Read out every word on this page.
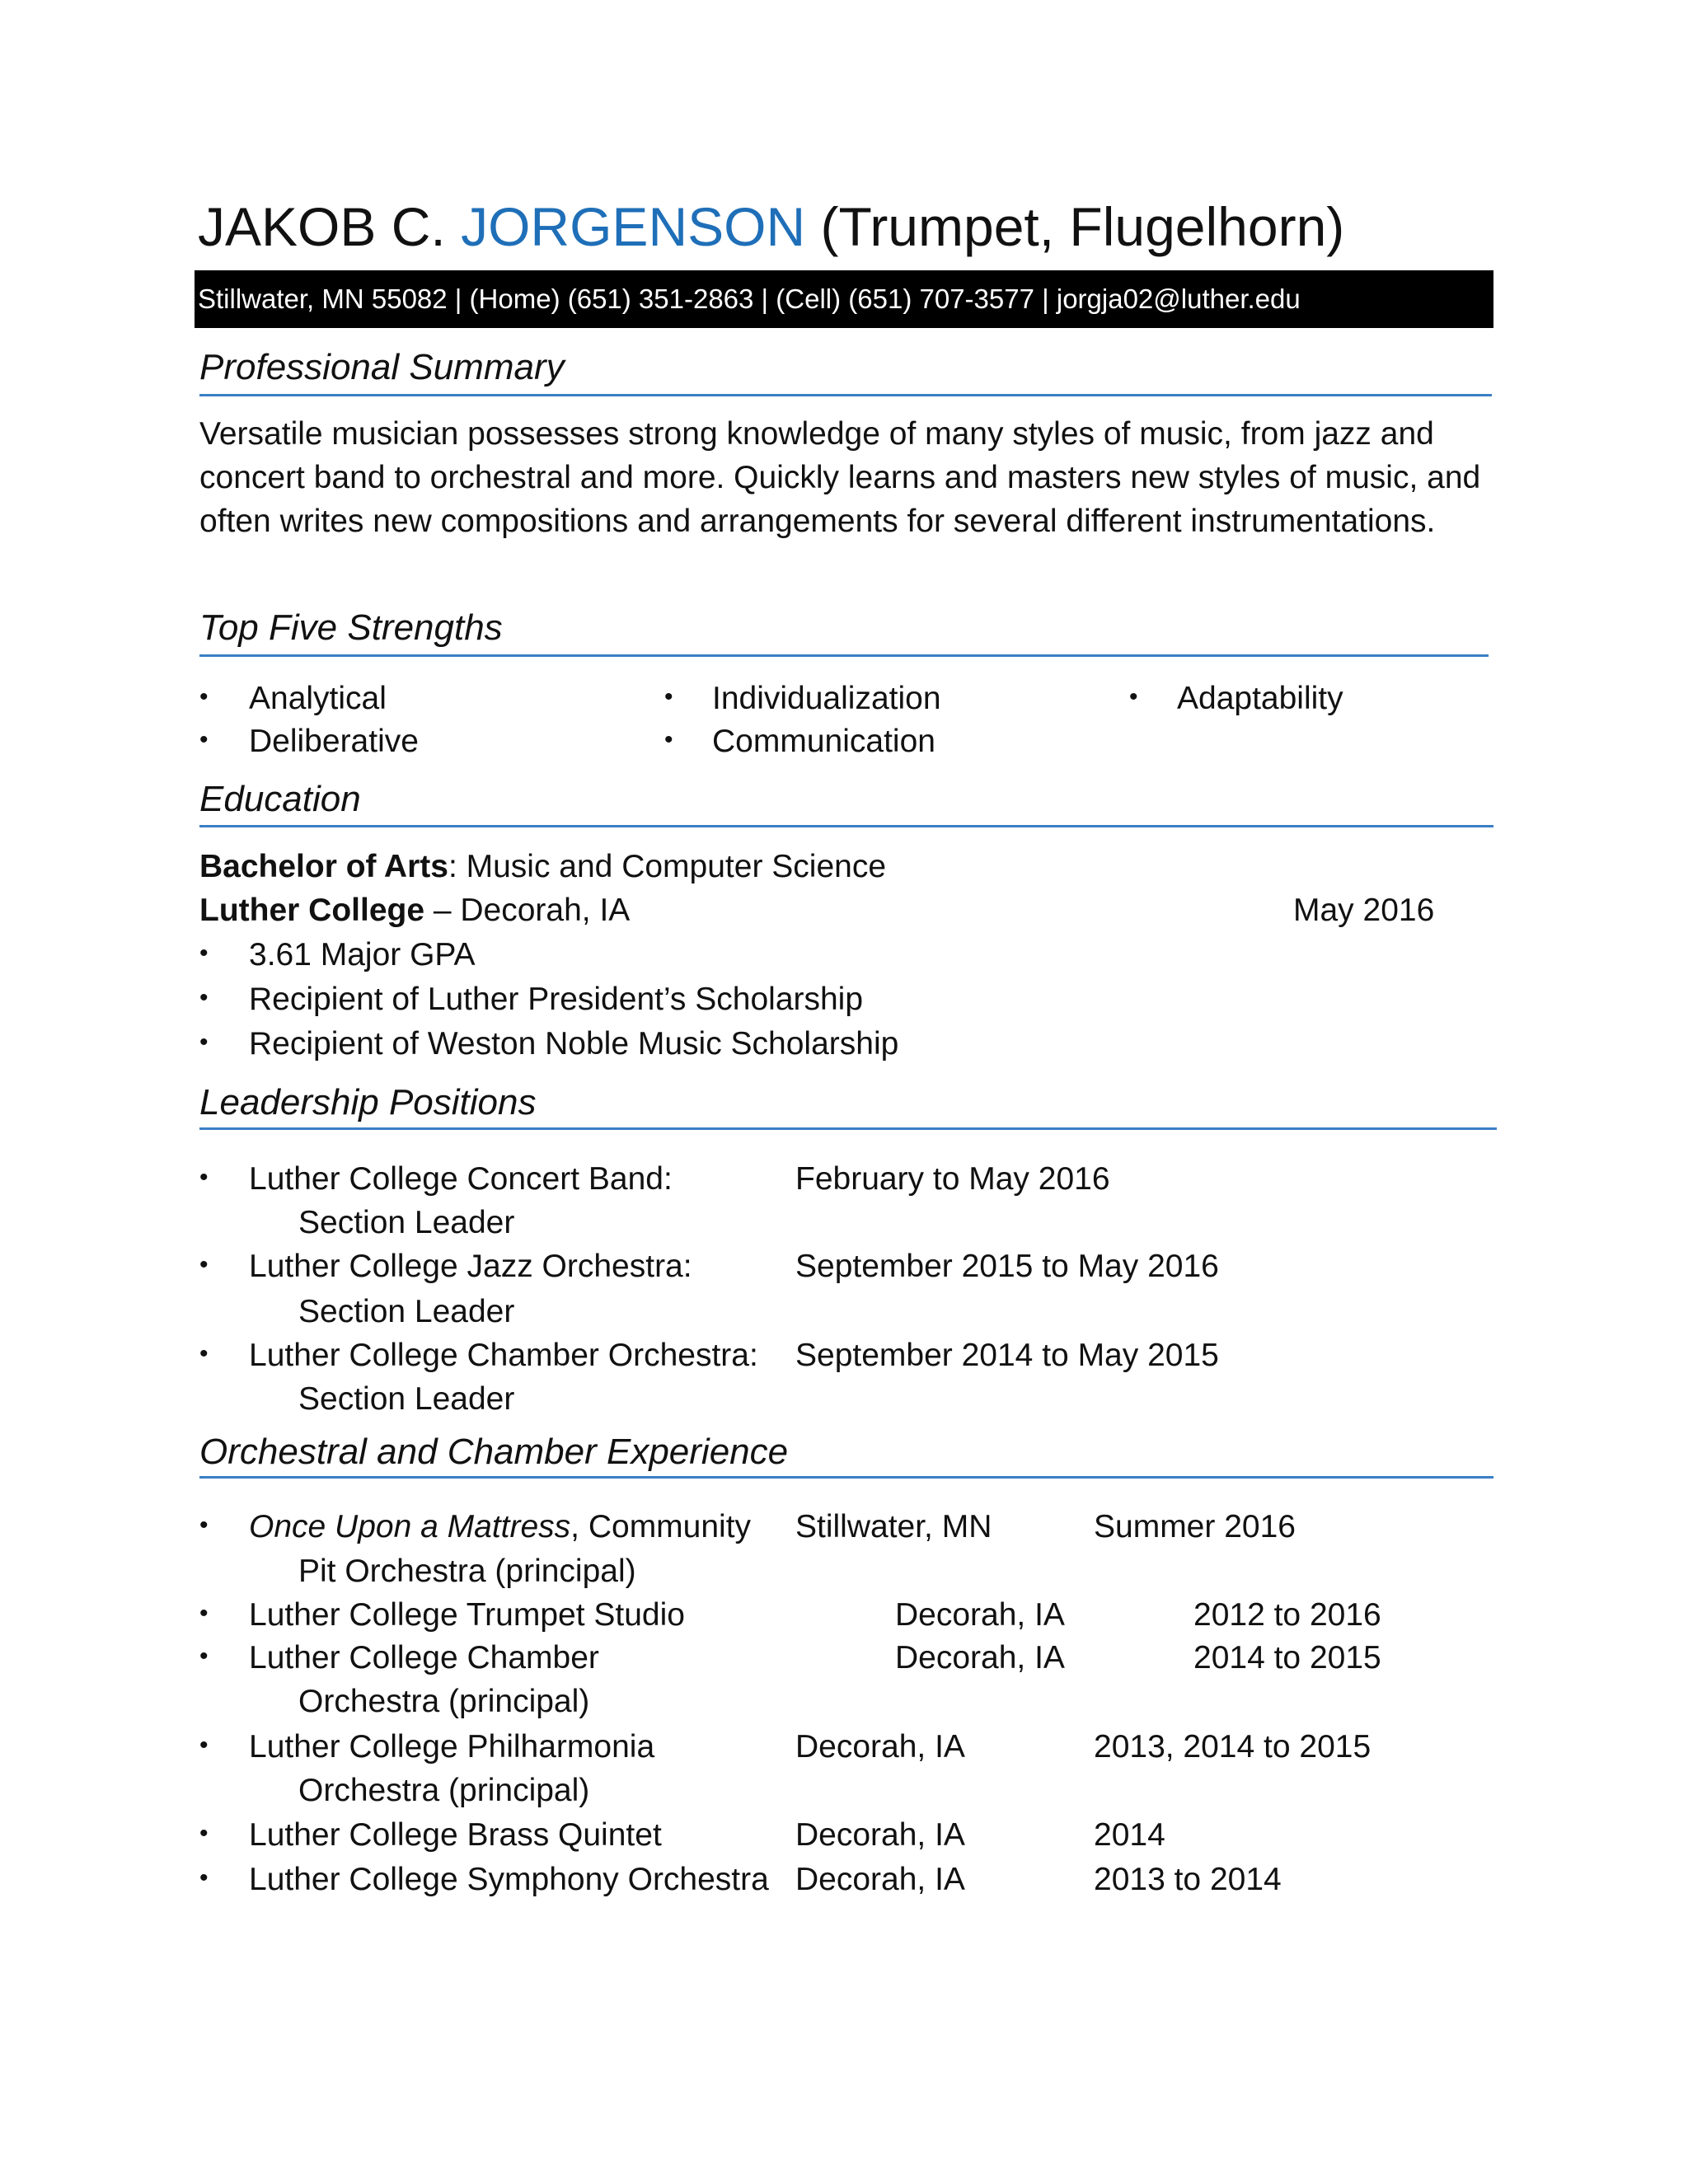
JAKOB C. JORGENSON (Trumpet, Flugelhorn)
Stillwater, MN 55082 | (Home) (651) 351-2863 | (Cell) (651) 707-3577 | jorgja02@luther.edu
Professional Summary
Versatile musician possesses strong knowledge of many styles of music, from jazz and concert band to orchestral and more. Quickly learns and masters new styles of music, and often writes new compositions and arrangements for several different instrumentations.
Top Five Strengths
• Analytical	• Individualization	• Adaptability
• Deliberative	• Communication
Education
Bachelor of Arts: Music and Computer Science
Luther College – Decorah, IA	May 2016
• 3.61 Major GPA
• Recipient of Luther President’s Scholarship
• Recipient of Weston Noble Music Scholarship
Leadership Positions
• Luther College Concert Band:	February to May 2016
Section Leader
• Luther College Jazz Orchestra:	September 2015 to May 2016
Section Leader
• Luther College Chamber Orchestra: September 2014 to May 2015
Section Leader
Orchestral and Chamber Experience
• Once Upon a Mattress, Community Stillwater, MN	Summer 2016
Pit Orchestra (principal)
• Luther College Trumpet Studio	Decorah, IA	2012 to 2016
• Luther College Chamber	Decorah, IA	2014 to 2015
Orchestra (principal)
• Luther College Philharmonia	Decorah, IA	2013, 2014 to 2015
Orchestra (principal)
• Luther College Brass Quintet	Decorah, IA	2014
• Luther College Symphony Orchestra Decorah, IA	2013 to 2014
